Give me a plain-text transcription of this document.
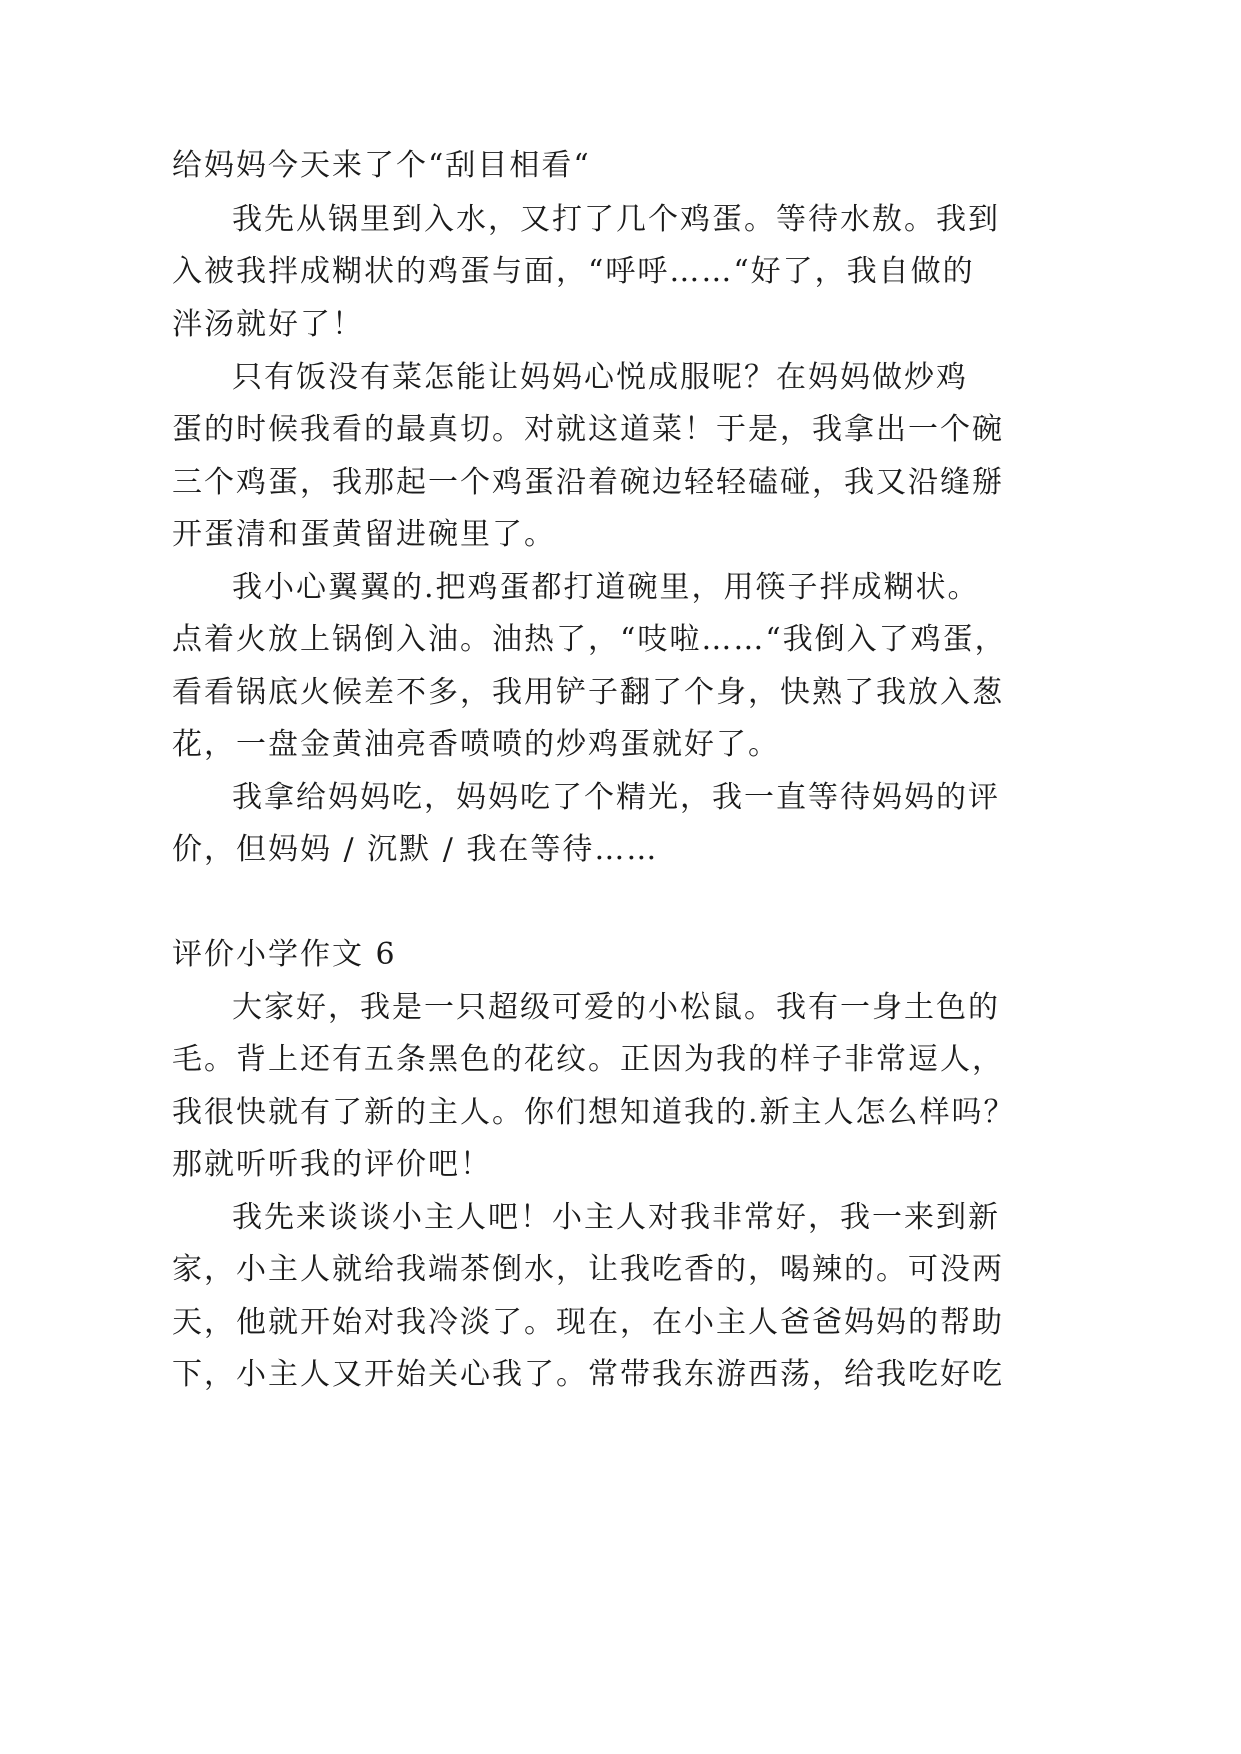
给妈妈今天来了个“刮目相看“

我先从锅里到入水，又打了几个鸡蛋。等待水敖。我到

入被我拌成糊状的鸡蛋与面，“呼呼……“好了，我自做的

泮汤就好了！

只有饭没有菜怎能让妈妈心悦成服呢？在妈妈做炒鸡

蛋的时候我看的最真切。对就这道菜！于是，我拿出一个碗

三个鸡蛋，我那起一个鸡蛋沿着碗边轻轻磕碰，我又沿缝掰

开蛋清和蛋黄留进碗里了。

我小心翼翼的.把鸡蛋都打道碗里，用筷子拌成糊状。

点着火放上锅倒入油。油热了，“吱啦……“我倒入了鸡蛋，

看看锅底火候差不多，我用铲子翻了个身，快熟了我放入葱

花，一盘金黄油亮香喷喷的炒鸡蛋就好了。

我拿给妈妈吃，妈妈吃了个精光，我一直等待妈妈的评

价，但妈妈 / 沉默 / 我在等待……

评价小学作文 6

大家好，我是一只超级可爱的小松鼠。我有一身土色的

毛。背上还有五条黑色的花纹。正因为我的样子非常逗人，

我很快就有了新的主人。你们想知道我的.新主人怎么样吗？

那就听听我的评价吧！

我先来谈谈小主人吧！小主人对我非常好，我一来到新

家，小主人就给我端茶倒水，让我吃香的，喝辣的。可没两

天，他就开始对我冷淡了。现在，在小主人爸爸妈妈的帮助

下，小主人又开始关心我了。常带我东游西荡，给我吃好吃
